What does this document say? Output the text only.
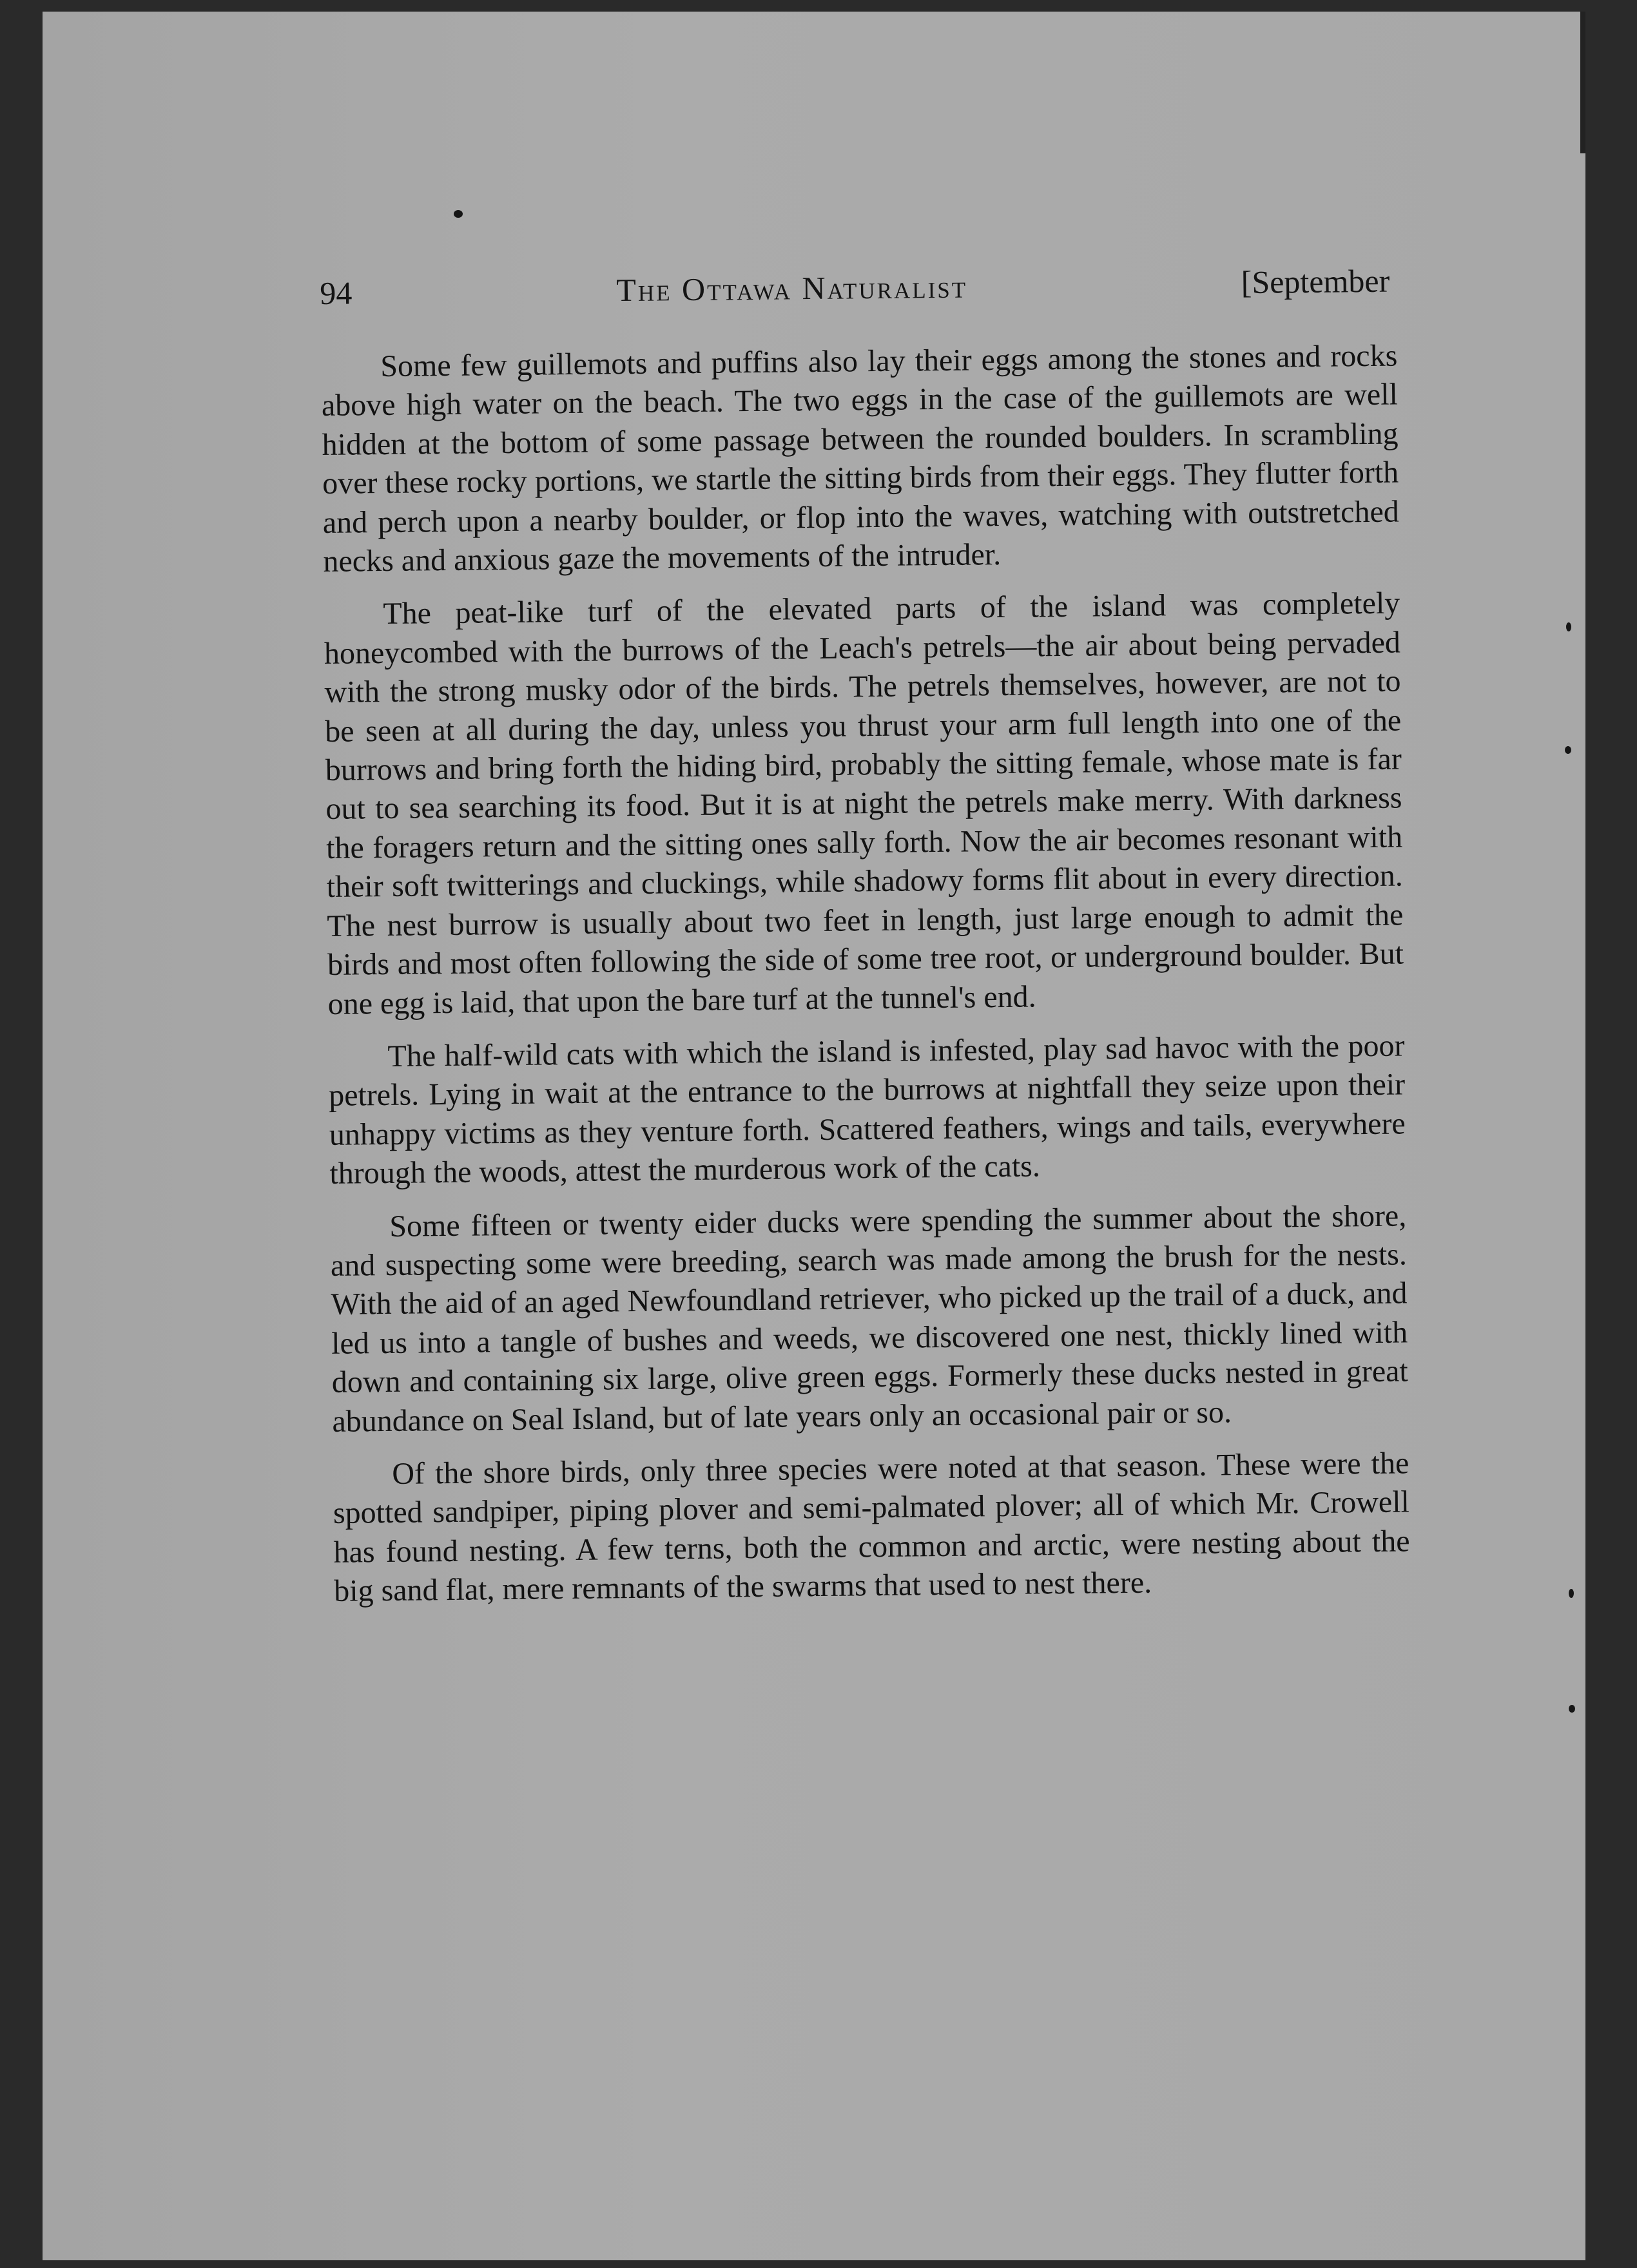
94	The Ottawa Naturalist	[September

Some few guillemots and puffins also lay their eggs among the stones and rocks above high water on the beach. The two eggs in the case of the guillemots are well hidden at the bottom of some passage between the rounded boulders. In scrambling over these rocky portions, we startle the sitting birds from their eggs. They flutter forth and perch upon a nearby boulder, or flop into the waves, watching with outstretched necks and anxious gaze the movements of the intruder.

The peat-like turf of the elevated parts of the island was completely honeycombed with the burrows of the Leach's petrels—the air about being pervaded with the strong musky odor of the birds. The petrels themselves, however, are not to be seen at all during the day, unless you thrust your arm full length into one of the burrows and bring forth the hiding bird, probably the sitting female, whose mate is far out to sea searching its food. But it is at night the petrels make merry. With darkness the foragers return and the sitting ones sally forth. Now the air becomes resonant with their soft twitterings and cluckings, while shadowy forms flit about in every direction. The nest burrow is usually about two feet in length, just large enough to admit the birds and most often following the side of some tree root, or underground boulder. But one egg is laid, that upon the bare turf at the tunnel's end.

The half-wild cats with which the island is infested, play sad havoc with the poor petrels. Lying in wait at the entrance to the burrows at nightfall they seize upon their unhappy victims as they venture forth. Scattered feathers, wings and tails, everywhere through the woods, attest the murderous work of the cats.

Some fifteen or twenty eider ducks were spending the summer about the shore, and suspecting some were breeding, search was made among the brush for the nests. With the aid of an aged Newfoundland retriever, who picked up the trail of a duck, and led us into a tangle of bushes and weeds, we discovered one nest, thickly lined with down and containing six large, olive green eggs. Formerly these ducks nested in great abundance on Seal Island, but of late years only an occasional pair or so.

Of the shore birds, only three species were noted at that season. These were the spotted sandpiper, piping plover and semi-palmated plover; all of which Mr. Crowell has found nesting. A few terns, both the common and arctic, were nesting about the big sand flat, mere remnants of the swarms that used to nest there.
